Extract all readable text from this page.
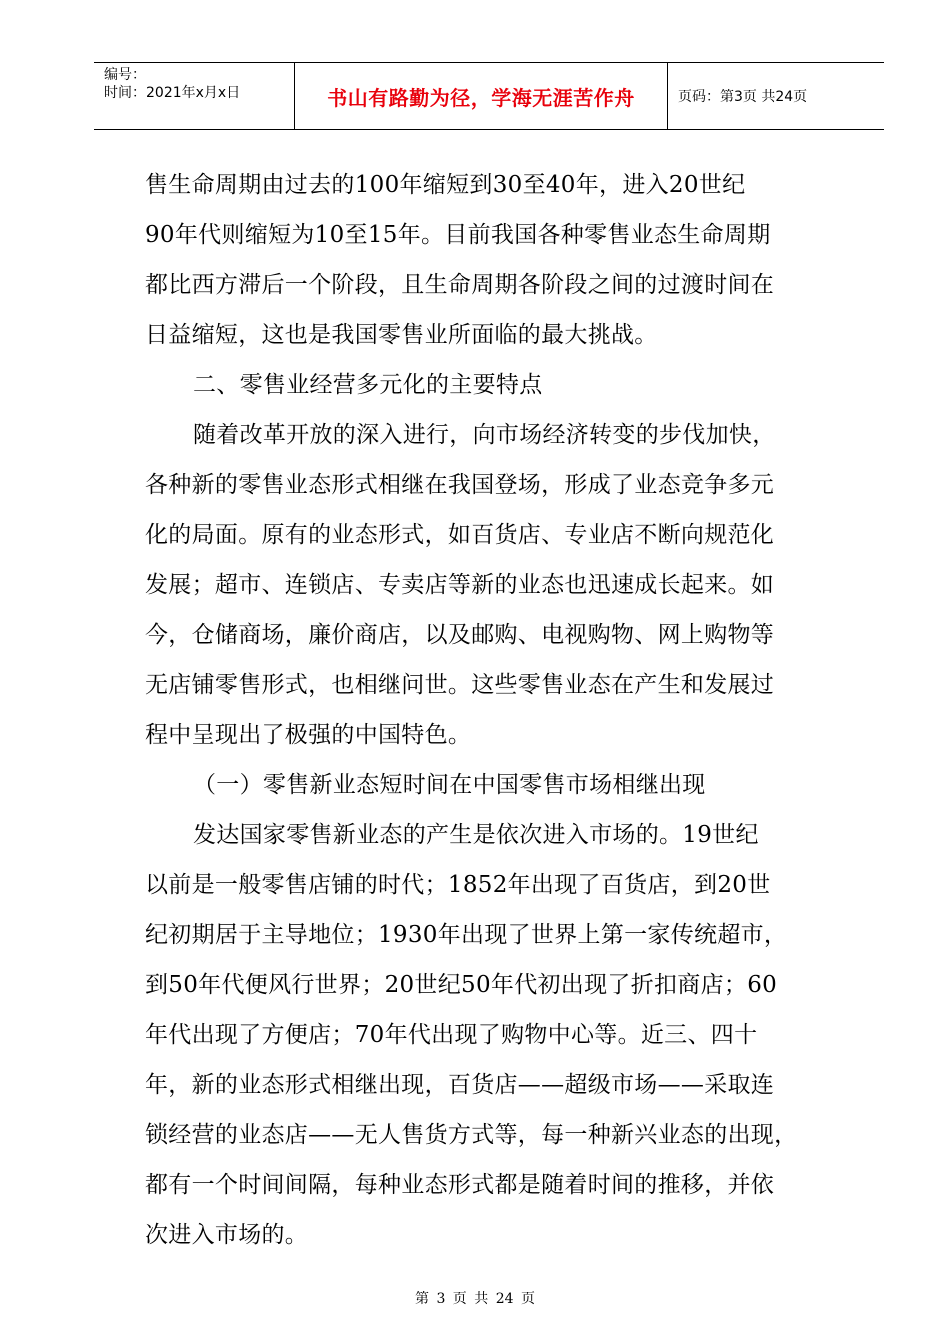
编号：
时间：2021年x月x日	书山有路勤为径，学海无涯苦作舟	页码：第3页 共24页

售生命周期由过去的100年缩短到30至40年，进入20世纪

90年代则缩短为10至15年。目前我国各种零售业态生命周期

都比西方滞后一个阶段，且生命周期各阶段之间的过渡时间在

日益缩短，这也是我国零售业所面临的最大挑战。

二、零售业经营多元化的主要特点

随着改革开放的深入进行，向市场经济转变的步伐加快，

各种新的零售业态形式相继在我国登场，形成了业态竞争多元

化的局面。原有的业态形式，如百货店、专业店不断向规范化

发展；超市、连锁店、专卖店等新的业态也迅速成长起来。如

今，仓储商场，廉价商店，以及邮购、电视购物、网上购物等

无店铺零售形式，也相继问世。这些零售业态在产生和发展过

程中呈现出了极强的中国特色。

（一）零售新业态短时间在中国零售市场相继出现

发达国家零售新业态的产生是依次进入市场的。19世纪

以前是一般零售店铺的时代；1852年出现了百货店，到20世

纪初期居于主导地位；1930年出现了世界上第一家传统超市，

到50年代便风行世界；20世纪50年代初出现了折扣商店；60

年代出现了方便店；70年代出现了购物中心等。近三、四十

年，新的业态形式相继出现，百货店——超级市场——采取连

锁经营的业态店——无人售货方式等，每一种新兴业态的出现，

都有一个时间间隔，每种业态形式都是随着时间的推移，并依

次进入市场的。

第 3 页 共 24 页
